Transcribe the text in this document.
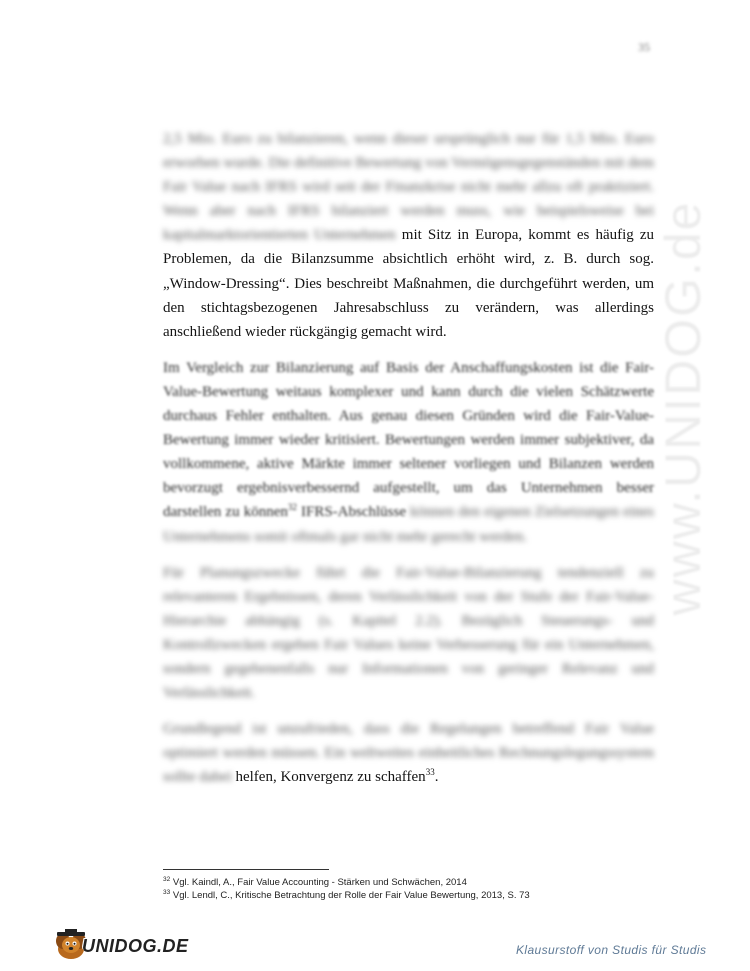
35
www.UNIDOG.de

2,5 Mio. Euro zu bilanzieren, wenn dieser ursprünglich nur für 1,5 Mio. Euro erworben wurde. Die definitive Bewertung von Vermögensgegenständen mit dem Fair Value nach IFRS wird seit der Finanzkrise nicht mehr allzu oft praktiziert. Wenn aber nach IFRS bilanziert werden muss, wie beispielsweise bei kapitalmarktorientierten Unternehmen mit Sitz in Europa, kommt es häufig zu Problemen, da die Bilanzsumme absichtlich erhöht wird, z. B. durch sog. „Window-Dressing“. Dies beschreibt Maßnahmen, die durchgeführt werden, um den stichtagsbezogenen Jahresabschluss zu verändern, was allerdings anschließend wieder rückgängig gemacht wird.

Im Vergleich zur Bilanzierung auf Basis der Anschaffungskosten ist die Fair-Value-Bewertung weitaus komplexer und kann durch die vielen Schätzwerte durchaus Fehler enthalten. Aus genau diesen Gründen wird die Fair-Value-Bewertung immer wieder kritisiert. Bewertungen werden immer subjektiver, da vollkommene, aktive Märkte immer seltener vorliegen und Bilanzen werden bevorzugt ergebnisverbessernd aufgestellt, um das Unternehmen besser darstellen zu können$^{32}$ IFRS-Abschlüsse können den eigenen Zielsetzungen eines Unternehmens somit oftmals gar nicht mehr gerecht werden.

Für Planungszwecke führt die Fair-Value-Bilanzierung tendenziell zu relevanteren Ergebnissen, deren Verlässlichkeit von der Stufe der Fair-Value-Hierarchie abhängig (s. Kapitel 2.2). Bezüglich Steuerungs- und Kontrollzwecken ergeben Fair Values keine Verbesserung für ein Unternehmen, sondern gegebenenfalls nur Informationen von geringer Relevanz und Verlässlichkeit.

Grundlegend ist unzufrieden, dass die Regelungen betreffend Fair Value optimiert werden müssen. Ein weltweites einheitliches Rechnungslegungssystem sollte dabei helfen, Konvergenz zu schaffen$^{33}$.

$^{32}$ Vgl. Kaindl, A., Fair Value Accounting - Stärken und Schwächen, 2014
$^{33}$ Vgl. Lendl, C., Kritische Betrachtung der Rolle der Fair Value Bewertung, 2013, S. 73
UNIDOG.DE	Klausurstoff von Studis für Studis
